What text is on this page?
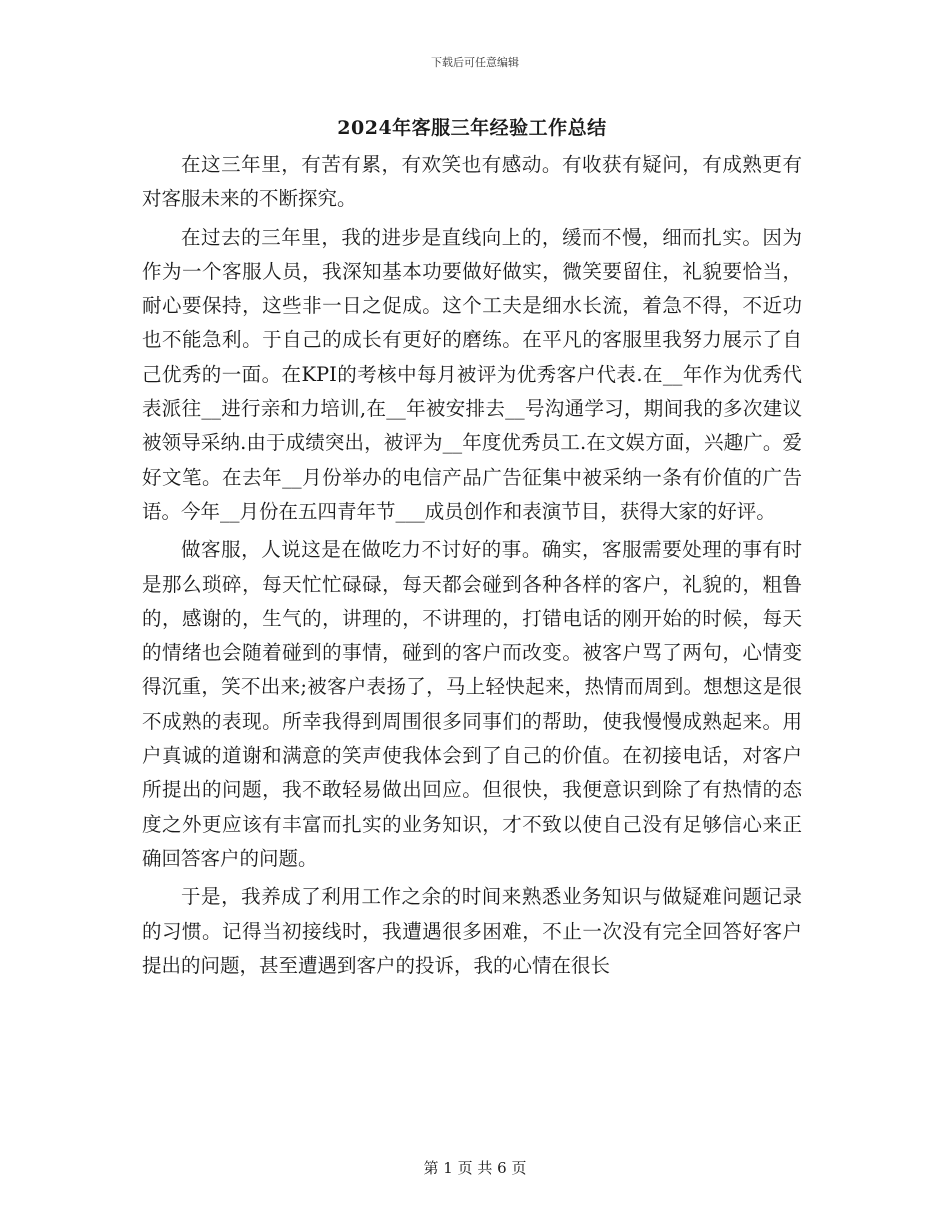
下载后可任意编辑
2024年客服三年经验工作总结

在这三年里，有苦有累，有欢笑也有感动。有收获有疑问，有成熟更有对客服未来的不断探究。

在过去的三年里，我的进步是直线向上的，缓而不慢，细而扎实。因为作为一个客服人员，我深知基本功要做好做实，微笑要留住，礼貌要恰当，耐心要保持，这些非一日之促成。这个工夫是细水长流，着急不得，不近功也不能急利。于自己的成长有更好的磨练。在平凡的客服里我努力展示了自己优秀的一面。在KPI的考核中每月被评为优秀客户代表.在__年作为优秀代表派往__进行亲和力培训,在__年被安排去__号沟通学习，期间我的多次建议被领导采纳.由于成绩突出，被评为__年度优秀员工.在文娱方面，兴趣广。爱好文笔。在去年__月份举办的电信产品广告征集中被采纳一条有价值的广告语。今年__月份在五四青年节___成员创作和表演节目，获得大家的好评。

做客服，人说这是在做吃力不讨好的事。确实，客服需要处理的事有时是那么琐碎，每天忙忙碌碌，每天都会碰到各种各样的客户，礼貌的，粗鲁的，感谢的，生气的，讲理的，不讲理的，打错电话的刚开始的时候，每天的情绪也会随着碰到的事情，碰到的客户而改变。被客户骂了两句，心情变得沉重，笑不出来;被客户表扬了，马上轻快起来，热情而周到。想想这是很不成熟的表现。所幸我得到周围很多同事们的帮助，使我慢慢成熟起来。用户真诚的道谢和满意的笑声使我体会到了自己的价值。在初接电话，对客户所提出的问题，我不敢轻易做出回应。但很快，我便意识到除了有热情的态度之外更应该有丰富而扎实的业务知识，才不致以使自己没有足够信心来正确回答客户的问题。

于是，我养成了利用工作之余的时间来熟悉业务知识与做疑难问题记录的习惯。记得当初接线时，我遭遇很多困难，不止一次没有完全回答好客户提出的问题，甚至遭遇到客户的投诉，我的心情在很长

第 1 页 共 6 页
